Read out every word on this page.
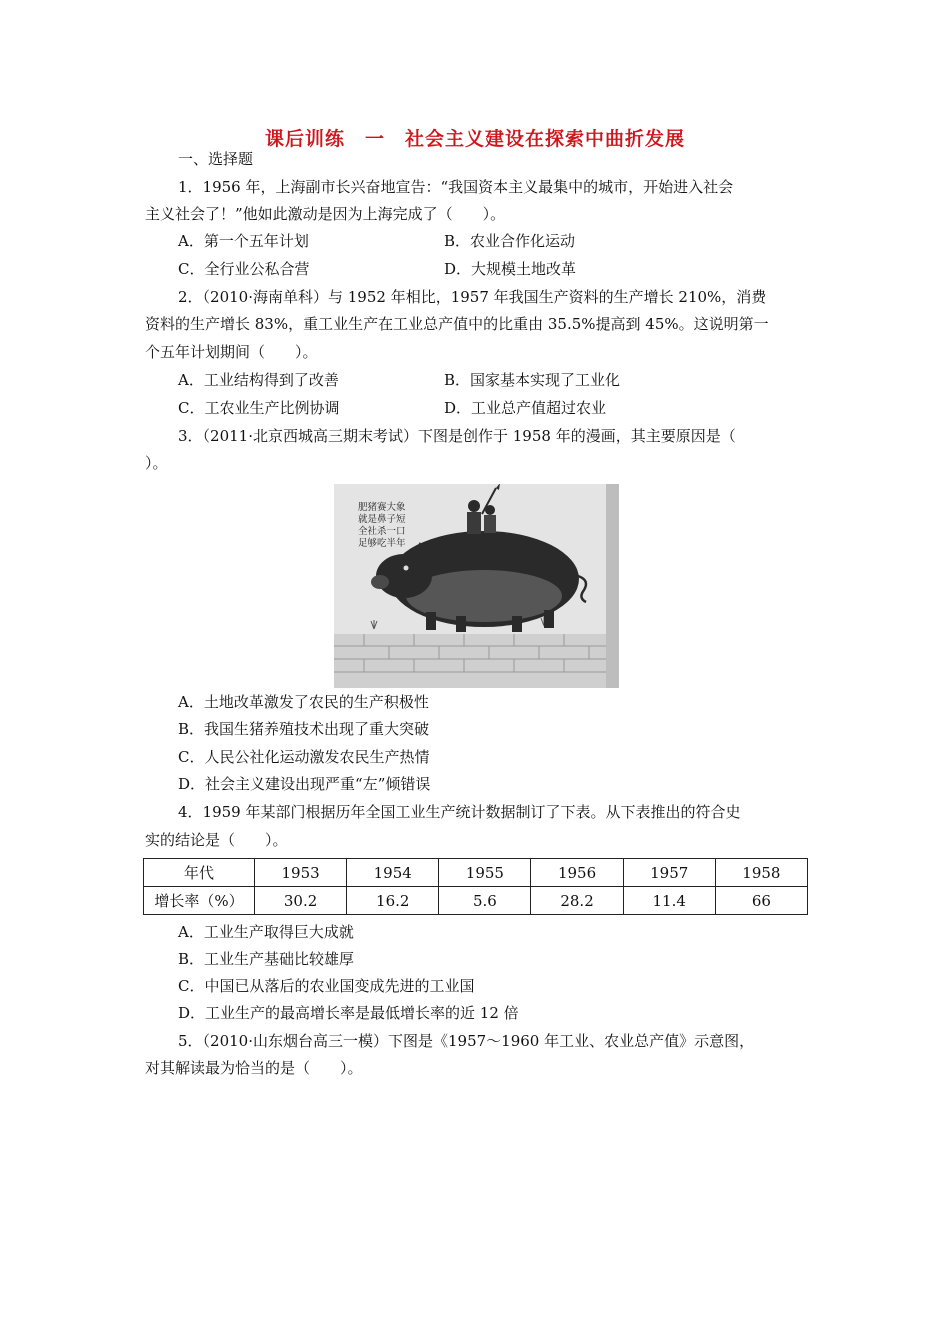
课后训练　一　社会主义建设在探索中曲折发展
一、选择题
1．1956 年，上海副市长兴奋地宣告：“我国资本主义最集中的城市，开始进入社会
主义社会了！”他如此激动是因为上海完成了（　　）。
A．第一个五年计划	B．农业合作化运动
C．全行业公私合营	D．大规模土地改革
2．（2010·海南单科）与 1952 年相比，1957 年我国生产资料的生产增长 210%，消费
资料的生产增长 83%，重工业生产在工业总产值中的比重由 35.5%提高到 45%。这说明第一
个五年计划期间（　　）。
A．工业结构得到了改善	B．国家基本实现了工业化
C．工农业生产比例协调	D．工业总产值超过农业
3．（2011·北京西城高三期末考试）下图是创作于 1958 年的漫画，其主要原因是（
）。
肥猪赛大象
就是鼻子短
全社杀一口
足够吃半年
A．土地改革激发了农民的生产积极性
B．我国生猪养殖技术出现了重大突破
C．人民公社化运动激发农民生产热情
D．社会主义建设出现严重“左”倾错误
4．1959 年某部门根据历年全国工业生产统计数据制订了下表。从下表推出的符合史
实的结论是（　　）。
年代	1953	1954	1955	1956	1957	1958
增长率（%）	30.2	16.2	5.6	28.2	11.4	66
A．工业生产取得巨大成就
B．工业生产基础比较雄厚
C．中国已从落后的农业国变成先进的工业国
D．工业生产的最高增长率是最低增长率的近 12 倍
5．（2010·山东烟台高三一模）下图是《1957～1960 年工业、农业总产值》示意图，
对其解读最为恰当的是（　　）。
